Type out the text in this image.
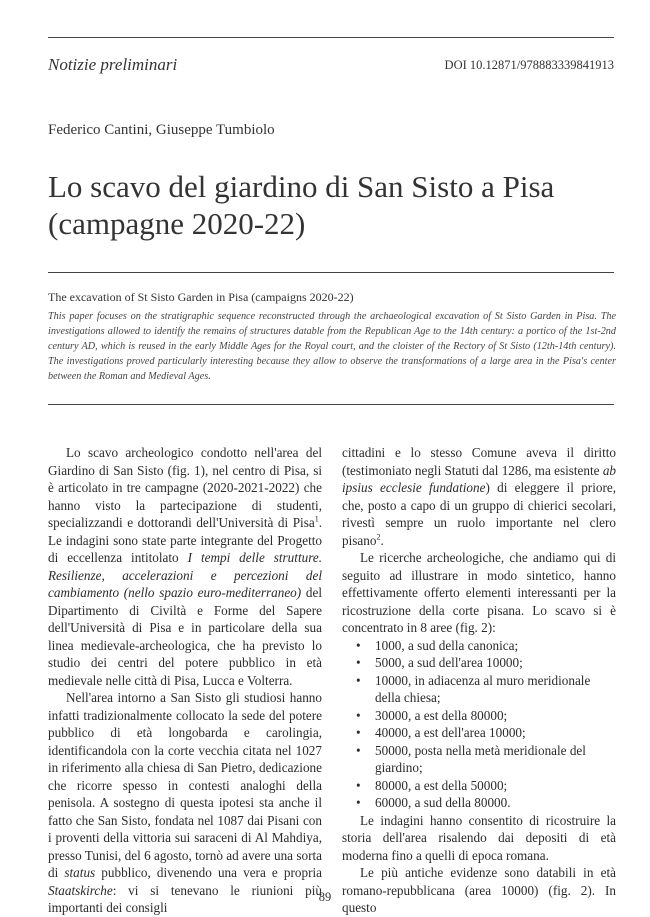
Notizie preliminari	DOI 10.12871/978883339841913
Federico Cantini, Giuseppe Tumbiolo
Lo scavo del giardino di San Sisto a Pisa
(campagne 2020-22)
The excavation of St Sisto Garden in Pisa (campaigns 2020-22)
This paper focuses on the stratigraphic sequence reconstructed through the archaeological excavation of St Sisto Garden in Pisa. The investigations allowed to identify the remains of structures datable from the Republican Age to the 14th century: a portico of the 1st-2nd century AD, which is reused in the early Middle Ages for the Royal court, and the cloister of the Rectory of St Sisto (12th-14th century). The investigations proved particularly interesting because they allow to observe the transformations of a large area in the Pisa's center between the Roman and Medieval Ages.

Lo scavo archeologico condotto nell'area del Giardino di San Sisto (fig. 1), nel centro di Pisa, si è articolato in tre campagne (2020-2021-2022) che hanno visto la partecipazione di studenti, specializzandi e dottorandi dell'Università di Pisa$^1$. Le indagini sono state parte integrante del Progetto di eccellenza intitolato I tempi delle strutture. Resilienze, accelerazioni e percezioni del cambiamento (nello spazio euro-mediterraneo) del Dipartimento di Civiltà e Forme del Sapere dell'Università di Pisa e in particolare della sua linea medievale-archeologica, che ha previsto lo studio dei centri del potere pubblico in età medievale nelle città di Pisa, Lucca e Volterra.

Nell'area intorno a San Sisto gli studiosi hanno infatti tradizionalmente collocato la sede del potere pubblico di età longobarda e carolingia, identificandola con la corte vecchia citata nel 1027 in riferimento alla chiesa di San Pietro, dedicazione che ricorre spesso in contesti analoghi della penisola. A sostegno di questa ipotesi sta anche il fatto che San Sisto, fondata nel 1087 dai Pisani con i proventi della vittoria sui saraceni di Al Mahdiya, presso Tunisi, del 6 agosto, tornò ad avere una sorta di status pubblico, divenendo una vera e propria Staatskirche: vi si tenevano le riunioni più importanti dei consigli

cittadini e lo stesso Comune aveva il diritto (testimoniato negli Statuti dal 1286, ma esistente ab ipsius ecclesie fundatione) di eleggere il priore, che, posto a capo di un gruppo di chierici secolari, rivestì sempre un ruolo importante nel clero pisano$^2$.

Le ricerche archeologiche, che andiamo qui di seguito ad illustrare in modo sintetico, hanno effettivamente offerto elementi interessanti per la ricostruzione della corte pisana. Lo scavo si è concentrato in 8 aree (fig. 2):

• 1000, a sud della canonica;
• 5000, a sud dell'area 10000;
• 10000, in adiacenza al muro meridionale della chiesa;
• 30000, a est della 80000;
• 40000, a est dell'area 10000;
• 50000, posta nella metà meridionale del giardino;
• 80000, a est della 50000;
• 60000, a sud della 80000.

Le indagini hanno consentito di ricostruire la storia dell'area risalendo dai depositi di età moderna fino a quelli di epoca romana.

Le più antiche evidenze sono databili in età romano-repubblicana (area 10000) (fig. 2). In questo

89
